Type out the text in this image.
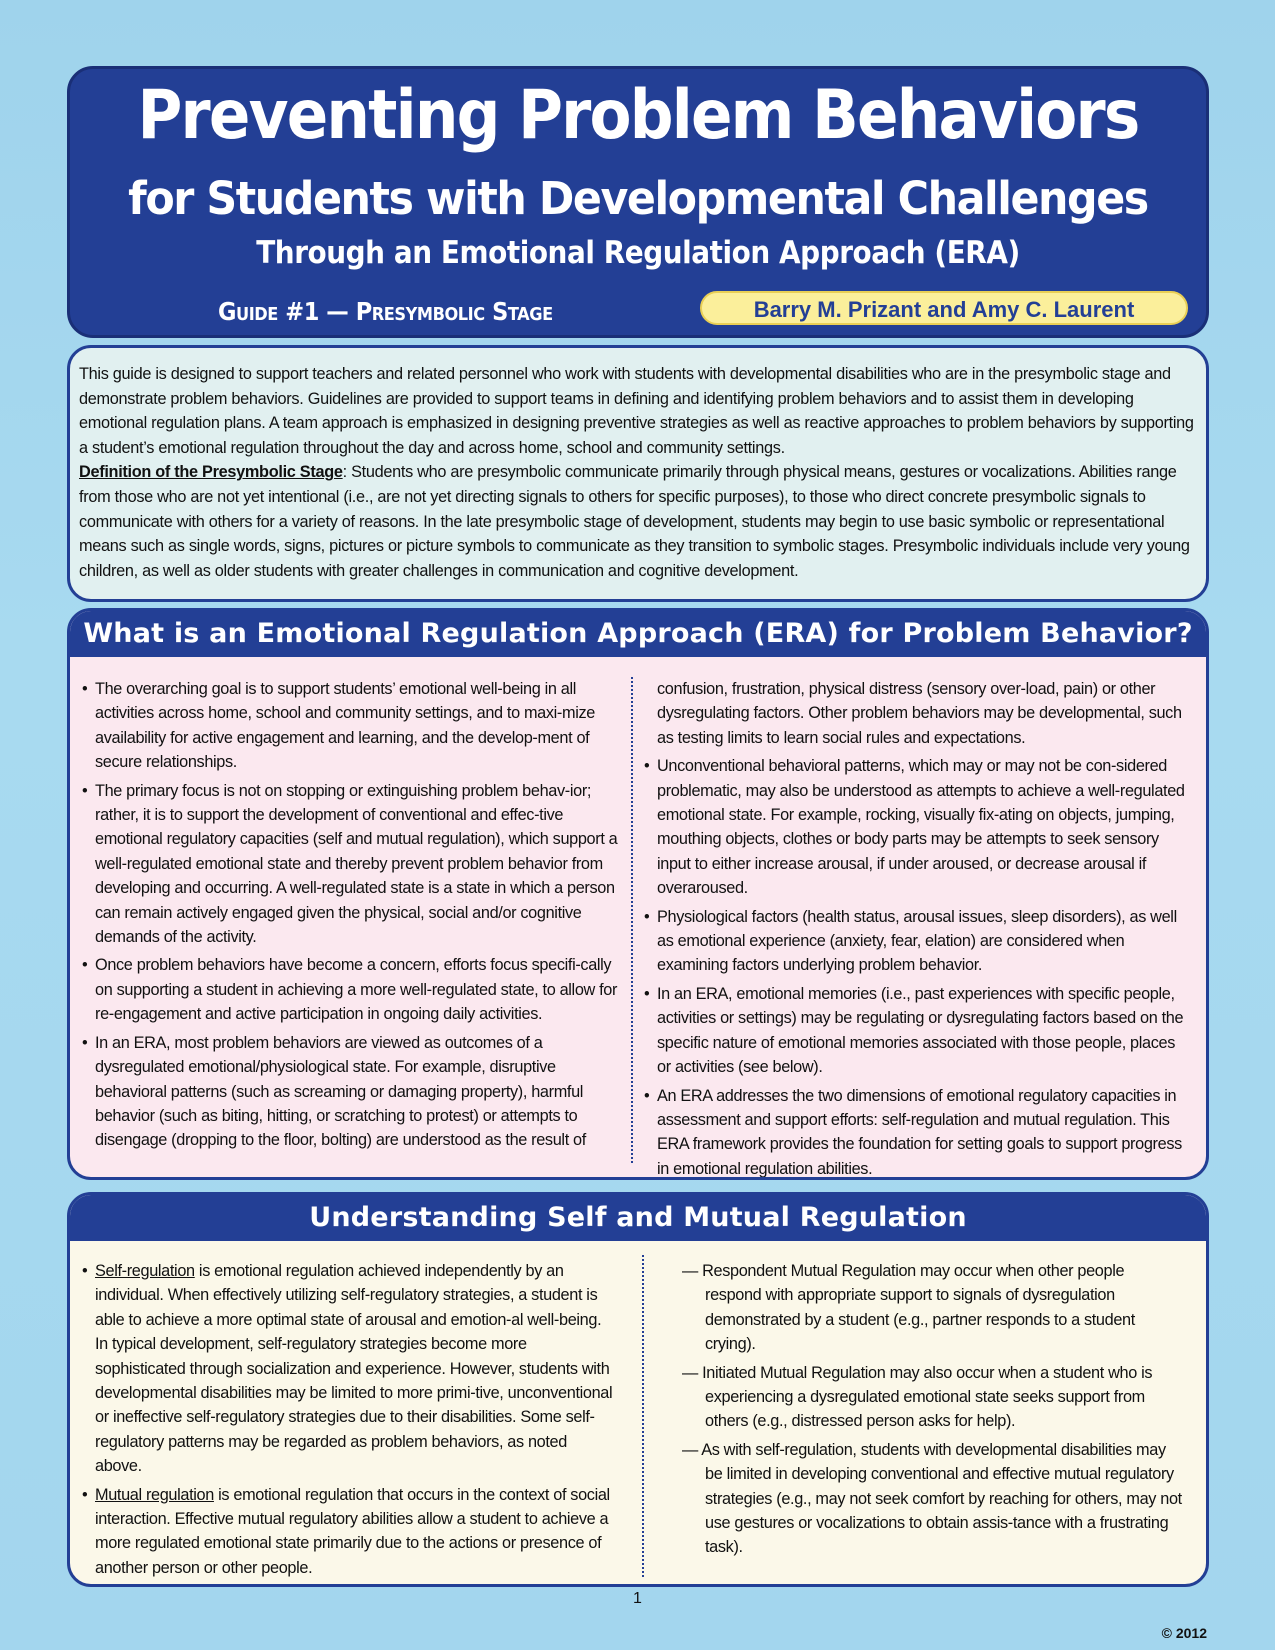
Preventing Problem Behaviors
for Students with Developmental Challenges
Through an Emotional Regulation Approach (ERA)
Guide #1 — Presymbolic Stage	Barry M. Prizant and Amy C. Laurent

This guide is designed to support teachers and related personnel who work with students with developmental disabilities who are in the presymbolic stage and demonstrate problem behaviors. Guidelines are provided to support teams in defining and identifying problem behaviors and to assist them in developing emotional regulation plans. A team approach is emphasized in designing preventive strategies as well as reactive approaches to problem behaviors by supporting a student’s emotional regulation throughout the day and across home, school and community settings.

Definition of the Presymbolic Stage: Students who are presymbolic communicate primarily through physical means, gestures or vocalizations. Abilities range from those who are not yet intentional (i.e., are not yet directing signals to others for specific purposes), to those who direct concrete presymbolic signals to communicate with others for a variety of reasons. In the late presymbolic stage of development, students may begin to use basic symbolic or representational means such as single words, signs, pictures or picture symbols to communicate as they transition to symbolic stages. Presymbolic individuals include very young children, as well as older students with greater challenges in communication and cognitive development.

What is an Emotional Regulation Approach (ERA) for Problem Behavior?
• The overarching goal is to support students’ emotional well-being in all activities across home, school and community settings, and to maxi-mize availability for active engagement and learning, and the develop-ment of secure relationships.
• The primary focus is not on stopping or extinguishing problem behav-ior; rather, it is to support the development of conventional and effec-tive emotional regulatory capacities (self and mutual regulation), which support a well-regulated emotional state and thereby prevent problem behavior from developing and occurring. A well-regulated state is a state in which a person can remain actively engaged given the physical, social and/or cognitive demands of the activity.
• Once problem behaviors have become a concern, efforts focus specifi-cally on supporting a student in achieving a more well-regulated state, to allow for re-engagement and active participation in ongoing daily activities.
• In an ERA, most problem behaviors are viewed as outcomes of a dysregulated emotional/physiological state. For example, disruptive behavioral patterns (such as screaming or damaging property), harmful behavior (such as biting, hitting, or scratching to protest) or attempts to disengage (dropping to the floor, bolting) are understood as the result of
confusion, frustration, physical distress (sensory over-load, pain) or other dysregulating factors. Other problem behaviors may be developmental, such as testing limits to learn social rules and expectations.
• Unconventional behavioral patterns, which may or may not be con-sidered problematic, may also be understood as attempts to achieve a well-regulated emotional state. For example, rocking, visually fix-ating on objects, jumping, mouthing objects, clothes or body parts may be attempts to seek sensory input to either increase arousal, if under aroused, or decrease arousal if overaroused.
• Physiological factors (health status, arousal issues, sleep disorders), as well as emotional experience (anxiety, fear, elation) are considered when examining factors underlying problem behavior.
• In an ERA, emotional memories (i.e., past experiences with specific people, activities or settings) may be regulating or dysregulating factors based on the specific nature of emotional memories associated with those people, places or activities (see below).
• An ERA addresses the two dimensions of emotional regulatory capacities in assessment and support efforts: self-regulation and mutual regulation. This ERA framework provides the foundation for setting goals to support progress in emotional regulation abilities.
Understanding Self and Mutual Regulation
• Self-regulation is emotional regulation achieved independently by an individual. When effectively utilizing self-regulatory strategies, a student is able to achieve a more optimal state of arousal and emotion-al well-being. In typical development, self-regulatory strategies become more sophisticated through socialization and experience. However, students with developmental disabilities may be limited to more primi-tive, unconventional or ineffective self-regulatory strategies due to their disabilities. Some self-regulatory patterns may be regarded as problem behaviors, as noted above.
• Mutual regulation is emotional regulation that occurs in the context of social interaction. Effective mutual regulatory abilities allow a student to achieve a more regulated emotional state primarily due to the actions or presence of another person or other people.
— Respondent Mutual Regulation may occur when other people respond with appropriate support to signals of dysregulation demonstrated by a student (e.g., partner responds to a student crying).
— Initiated Mutual Regulation may also occur when a student who is experiencing a dysregulated emotional state seeks support from others (e.g., distressed person asks for help).
— As with self-regulation, students with developmental disabilities may be limited in developing conventional and effective mutual regulatory strategies (e.g., may not seek comfort by reaching for others, may not use gestures or vocalizations to obtain assis-tance with a frustrating task).
1
© 2012
